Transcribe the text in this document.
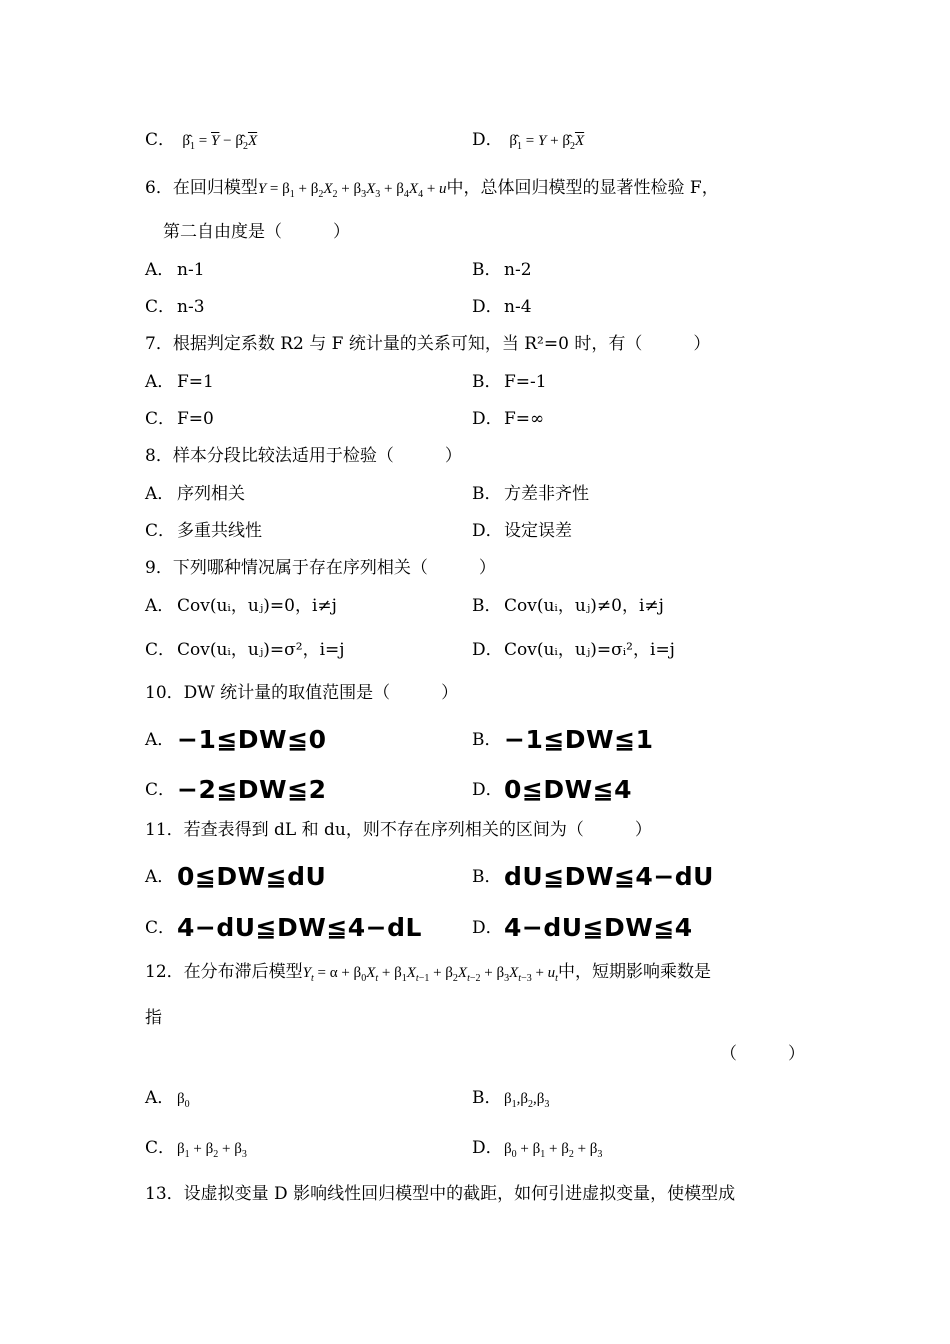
C． $\betâ_1 = \overline{Y}$ − $\betâ_2\overline{X}$	D． $\betâ_1 = Y$ + $\betâ_2\overline{X}$
6．在回归模型$Y = \beta_1 + \beta_2X_2 + \beta_3X_3 + \beta_4X_4 + u$中，总体回归模型的显著性检验 F，
第二自由度是（　　　）
A． n-1	B． n-2
C． n-3	D．n-4
7．根据判定系数 R2 与 F 统计量的关系可知，当 R²=0 时，有（　　　）
A． F=1	B． F=-1
C． F=0	D．F=∞
8．样本分段比较法适用于检验（　　　）
A． 序列相关	B． 方差非齐性
C． 多重共线性	D．设定误差
9．下列哪种情况属于存在序列相关（　　　）
A． Cov(uᵢ，uⱼ)=0，i≠j	B． Cov(uᵢ，uⱼ)≠0，i≠j
C． Cov(uᵢ，uⱼ)=σ²，i=j	D．Cov(uᵢ，uⱼ)=σᵢ²，i=j
10．DW 统计量的取值范围是（　　　）
A． −1≦DW≦0	B． −1≦DW≦1
C．−2≦DW≦2	D．0≦DW≦4
11．若查表得到 dL 和 du，则不存在序列相关的区间为（　　　）
A． 0≦DW≦dU	B． dU≦DW≦4−dU
C．4−dU≦DW≦4−dL	D．4−dU≦DW≦4
12．在分布滞后模型$Y_t = \alpha + \beta_0X_t + \beta_1X_{t-1} + \beta_2X_{t-2} + \beta_3X_{t-3} + u_t$中，短期影响乘数是
指
（　　　）
A． $\beta_0$	B． $\beta_1,\beta_2,\beta_3$
C． $\beta_1 + \beta_2 + \beta_3$	D．$\beta_0 + \beta_1 + \beta_2 + \beta_3$
13．设虚拟变量 D 影响线性回归模型中的截距，如何引进虚拟变量，使模型成
